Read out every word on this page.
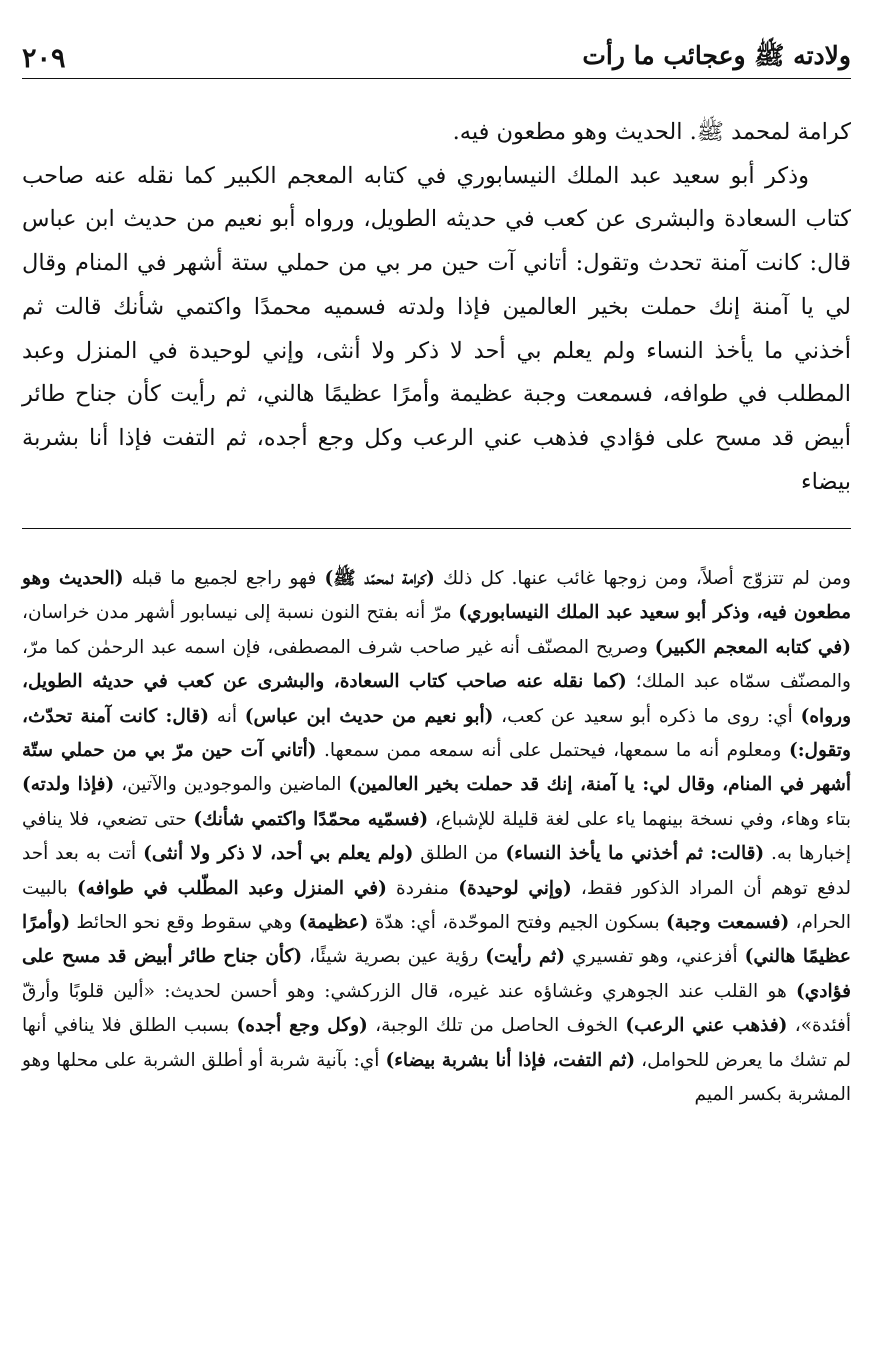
ولادته ﷺ وعجائب ما رأت
٢٠٩

كرامة لمحمد ﷺ. الحديث وهو مطعون فيه.

وذكر أبو سعيد عبد الملك النيسابوري في كتابه المعجم الكبير كما نقله عنه صاحب كتاب السعادة والبشرى عن كعب في حديثه الطويل، ورواه أبو نعيم من حديث ابن عباس قال: كانت آمنة تحدث وتقول: أتاني آت حين مر بي من حملي ستة أشهر في المنام وقال لي يا آمنة إنك حملت بخير العالمين فإذا ولدته فسميه محمدًا واكتمي شأنك قالت ثم أخذني ما يأخذ النساء ولم يعلم بي أحد لا ذكر ولا أنثى، وإني لوحيدة في المنزل وعبد المطلب في طوافه، فسمعت وجبة عظيمة وأمرًا عظيمًا هالني، ثم رأيت كأن جناح طائر أبيض قد مسح على فؤادي فذهب عني الرعب وكل وجع أجده، ثم التفت فإذا أنا بشربة بيضاء

ومن لم تتزوّج أصلاً، ومن زوجها غائب عنها. كل ذلك (كرامة لمحمّد ﷺ) فهو راجع لجميع ما قبله (الحديث وهو مطعون فيه، وذكر أبو سعيد عبد الملك النيسابوري) مرّ أنه بفتح النون نسبة إلى نيسابور أشهر مدن خراسان، (في كتابه المعجم الكبير) وصريح المصنّف أنه غير صاحب شرف المصطفى، فإن اسمه عبد الرحمٰن كما مرّ، والمصنّف سمّاه عبد الملك؛ (كما نقله عنه صاحب كتاب السعادة، والبشرى عن كعب في حديثه الطويل، ورواه) أي: روى ما ذكره أبو سعيد عن كعب، (أبو نعيم من حديث ابن عباس) أنه (قال: كانت آمنة تحدّث، وتقول:) ومعلوم أنه ما سمعها، فيحتمل على أنه سمعه ممن سمعها. (أتاني آت حين مرّ بي من حملي ستّة أشهر في المنام، وقال لي: يا آمنة، إنك قد حملت بخير العالمين) الماضين والموجودين والآتين، (فإذا ولدته) بتاء وهاء، وفي نسخة بينهما ياء على لغة قليلة للإشباع، (فسمّيه محمّدًا واكتمي شأنك) حتى تضعي، فلا ينافي إخبارها به. (قالت: ثم أخذني ما يأخذ النساء) من الطلق (ولم يعلم بي أحد، لا ذكر ولا أنثى) أتت به بعد أحد لدفع توهم أن المراد الذكور فقط، (وإني لوحيدة) منفردة (في المنزل وعبد المطّلب في طوافه) بالبيت الحرام، (فسمعت وجبة) بسكون الجيم وفتح الموحّدة، أي: هدّة (عظيمة) وهي سقوط وقع نحو الحائط (وأمرًا عظيمًا هالني) أفزعني، وهو تفسيري (ثم رأيت) رؤية عين بصرية شيئًا، (كأن جناح طائر أبيض قد مسح على فؤادي) هو القلب عند الجوهري وغشاؤه عند غيره، قال الزركشي: وهو أحسن لحديث: «ألين قلوبًا وأرقّ أفئدة»، (فذهب عني الرعب) الخوف الحاصل من تلك الوجبة، (وكل وجع أجده) بسبب الطلق فلا ينافي أنها لم تشك ما يعرض للحوامل، (ثم التفت، فإذا أنا بشربة بيضاء) أي: بآنية شربة أو أطلق الشربة على محلها وهو المشربة بكسر الميم
